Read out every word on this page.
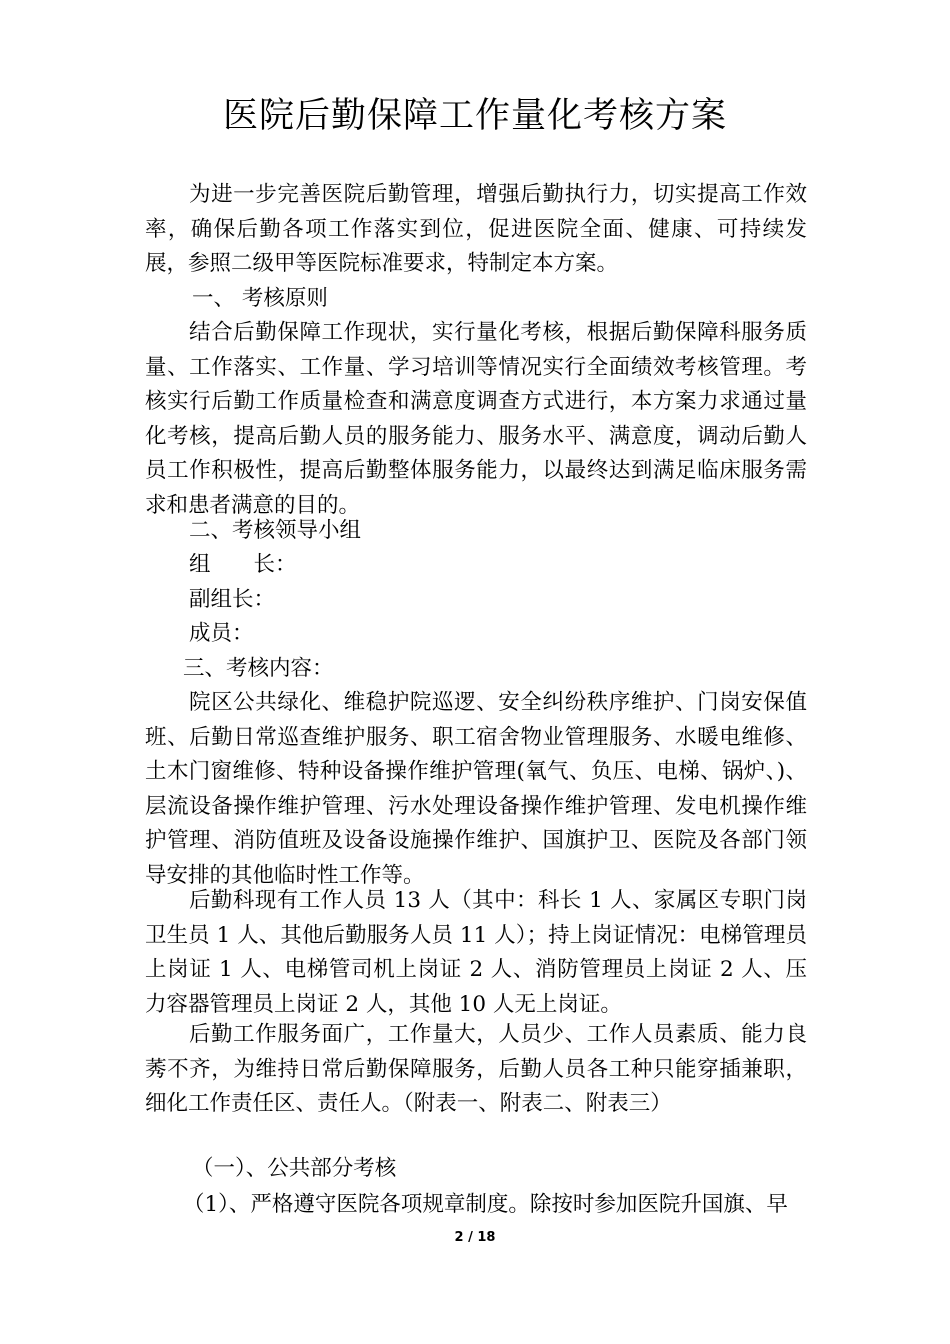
医院后勤保障工作量化考核方案

为进一步完善医院后勤管理，增强后勤执行力，切实提高工作效率，确保后勤各项工作落实到位，促进医院全面、健康、可持续发展，参照二级甲等医院标准要求，特制定本方案。

一、 考核原则

结合后勤保障工作现状，实行量化考核，根据后勤保障科服务质量、工作落实、工作量、学习培训等情况实行全面绩效考核管理。考核实行后勤工作质量检查和满意度调查方式进行，本方案力求通过量化考核，提高后勤人员的服务能力、服务水平、满意度，调动后勤人员工作积极性，提高后勤整体服务能力，以最终达到满足临床服务需求和患者满意的目的。

二、考核领导小组

组　　长：

副组长：

成员：

三、考核内容：

院区公共绿化、维稳护院巡逻、安全纠纷秩序维护、门岗安保值班、后勤日常巡查维护服务、职工宿舍物业管理服务、水暖电维修、土木门窗维修、特种设备操作维护管理(氧气、负压、电梯、锅炉、)、层流设备操作维护管理、污水处理设备操作维护管理、发电机操作维护管理、消防值班及设备设施操作维护、国旗护卫、医院及各部门领导安排的其他临时性工作等。

后勤科现有工作人员 13 人（其中：科长 1 人、家属区专职门岗卫生员 1 人、其他后勤服务人员 11 人）；持上岗证情况：电梯管理员上岗证 1 人、电梯管司机上岗证 2 人、消防管理员上岗证 2 人、压力容器管理员上岗证 2 人，其他 10 人无上岗证。

后勤工作服务面广，工作量大，人员少、工作人员素质、能力良莠不齐，为维持日常后勤保障服务，后勤人员各工种只能穿插兼职，细化工作责任区、责任人。（附表一、附表二、附表三）

（一）、公共部分考核

（1）、严格遵守医院各项规章制度。除按时参加医院升国旗、早

2 / 18
